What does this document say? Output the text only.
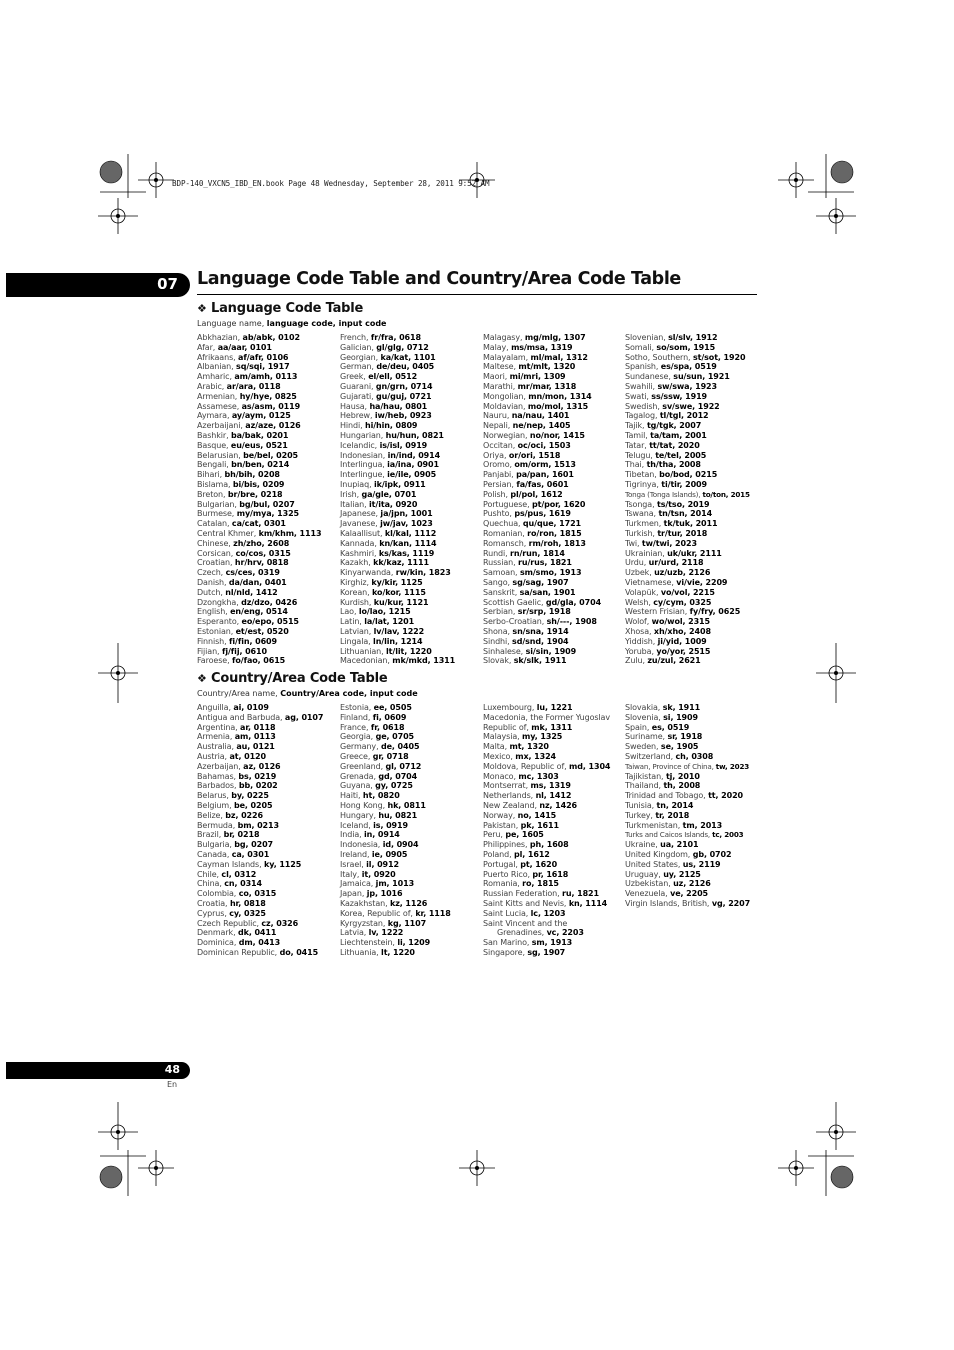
BDP-140_VXCN5_IBD_EN.book Page 48 Wednesday, September 28, 2011 9:52 AM
07 Language Code Table and Country/Area Code Table
❖ Language Code Table
Language name, language code, input code
Abkhazian, ab/abk, 0102
Afar, aa/aar, 0101
Afrikaans, af/afr, 0106
Albanian, sq/sqi, 1917
Amharic, am/amh, 0113
Arabic, ar/ara, 0118
Armenian, hy/hye, 0825
Assamese, as/asm, 0119
Aymara, ay/aym, 0125
Azerbaijani, az/aze, 0126
Bashkir, ba/bak, 0201
Basque, eu/eus, 0521
Belarusian, be/bel, 0205
Bengali, bn/ben, 0214
Bihari, bh/bih, 0208
Bislama, bi/bis, 0209
Breton, br/bre, 0218
Bulgarian, bg/bul, 0207
Burmese, my/mya, 1325
Catalan, ca/cat, 0301
Central Khmer, km/khm, 1113
Chinese, zh/zho, 2608
Corsican, co/cos, 0315
Croatian, hr/hrv, 0818
Czech, cs/ces, 0319
Danish, da/dan, 0401
Dutch, nl/nld, 1412
Dzongkha, dz/dzo, 0426
English, en/eng, 0514
Esperanto, eo/epo, 0515
Estonian, et/est, 0520
Finnish, fi/fin, 0609
Fijian, fj/fij, 0610
Faroese, fo/fao, 0615
French, fr/fra, 0618
Galician, gl/glg, 0712
Georgian, ka/kat, 1101
German, de/deu, 0405
Greek, el/ell, 0512
Guarani, gn/grn, 0714
Gujarati, gu/guj, 0721
Hausa, ha/hau, 0801
Hebrew, iw/heb, 0923
Hindi, hi/hin, 0809
Hungarian, hu/hun, 0821
Icelandic, is/isl, 0919
Indonesian, in/ind, 0914
Interlingua, ia/ina, 0901
Interlingue, ie/ile, 0905
Inupiaq, ik/ipk, 0911
Irish, ga/gle, 0701
Italian, it/ita, 0920
Japanese, ja/jpn, 1001
Javanese, jw/jav, 1023
Kalaallisut, kl/kal, 1112
Kannada, kn/kan, 1114
Kashmiri, ks/kas, 1119
Kazakh, kk/kaz, 1111
Kinyarwanda, rw/kin, 1823
Kirghiz, ky/kir, 1125
Korean, ko/kor, 1115
Kurdish, ku/kur, 1121
Lao, lo/lao, 1215
Latin, la/lat, 1201
Latvian, lv/lav, 1222
Lingala, ln/lin, 1214
Lithuanian, lt/lit, 1220
Macedonian, mk/mkd, 1311
Malagasy, mg/mlg, 1307
Malay, ms/msa, 1319
Malayalam, ml/mal, 1312
Maltese, mt/mlt, 1320
Maori, mi/mri, 1309
Marathi, mr/mar, 1318
Mongolian, mn/mon, 1314
Moldavian, mo/mol, 1315
Nauru, na/nau, 1401
Nepali, ne/nep, 1405
Norwegian, no/nor, 1415
Occitan, oc/oci, 1503
Oriya, or/ori, 1518
Oromo, om/orm, 1513
Panjabi, pa/pan, 1601
Persian, fa/fas, 0601
Polish, pl/pol, 1612
Portuguese, pt/por, 1620
Pushto, ps/pus, 1619
Quechua, qu/que, 1721
Romanian, ro/ron, 1815
Romansch, rm/roh, 1813
Rundi, rn/run, 1814
Russian, ru/rus, 1821
Samoan, sm/smo, 1913
Sango, sg/sag, 1907
Sanskrit, sa/san, 1901
Scottish Gaelic, gd/gla, 0704
Serbian, sr/srp, 1918
Serbo-Croatian, sh/---, 1908
Shona, sn/sna, 1914
Sindhi, sd/snd, 1904
Sinhalese, si/sin, 1909
Slovak, sk/slk, 1911
Slovenian, sl/slv, 1912
Somali, so/som, 1915
Sotho, Southern, st/sot, 1920
Spanish, es/spa, 0519
Sundanese, su/sun, 1921
Swahili, sw/swa, 1923
Swati, ss/ssw, 1919
Swedish, sv/swe, 1922
Tagalog, tl/tgl, 2012
Tajik, tg/tgk, 2007
Tamil, ta/tam, 2001
Tatar, tt/tat, 2020
Telugu, te/tel, 2005
Thai, th/tha, 2008
Tibetan, bo/bod, 0215
Tigrinya, ti/tir, 2009
Tonga (Tonga Islands), to/ton, 2015
Tsonga, ts/tso, 2019
Tswana, tn/tsn, 2014
Turkmen, tk/tuk, 2011
Turkish, tr/tur, 2018
Twi, tw/twi, 2023
Ukrainian, uk/ukr, 2111
Urdu, ur/urd, 2118
Uzbek, uz/uzb, 2126
Vietnamese, vi/vie, 2209
Volapük, vo/vol, 2215
Welsh, cy/cym, 0325
Western Frisian, fy/fry, 0625
Wolof, wo/wol, 2315
Xhosa, xh/xho, 2408
Yiddish, ji/yid, 1009
Yoruba, yo/yor, 2515
Zulu, zu/zul, 2621
❖ Country/Area Code Table
Country/Area name, Country/Area code, input code
Anguilla, ai, 0109
Antigua and Barbuda, ag, 0107
Argentina, ar, 0118
Armenia, am, 0113
Australia, au, 0121
Austria, at, 0120
Azerbaijan, az, 0126
Bahamas, bs, 0219
Barbados, bb, 0202
Belarus, by, 0225
Belgium, be, 0205
Belize, bz, 0226
Bermuda, bm, 0213
Brazil, br, 0218
Bulgaria, bg, 0207
Canada, ca, 0301
Cayman Islands, ky, 1125
Chile, cl, 0312
China, cn, 0314
Colombia, co, 0315
Croatia, hr, 0818
Cyprus, cy, 0325
Czech Republic, cz, 0326
Denmark, dk, 0411
Dominica, dm, 0413
Dominican Republic, do, 0415
Estonia, ee, 0505
Finland, fi, 0609
France, fr, 0618
Georgia, ge, 0705
Germany, de, 0405
Greece, gr, 0718
Greenland, gl, 0712
Grenada, gd, 0704
Guyana, gy, 0725
Haiti, ht, 0820
Hong Kong, hk, 0811
Hungary, hu, 0821
Iceland, is, 0919
India, in, 0914
Indonesia, id, 0904
Ireland, ie, 0905
Israel, il, 0912
Italy, it, 0920
Jamaica, jm, 1013
Japan, jp, 1016
Kazakhstan, kz, 1126
Korea, Republic of, kr, 1118
Kyrgyzstan, kg, 1107
Latvia, lv, 1222
Liechtenstein, li, 1209
Lithuania, lt, 1220
Luxembourg, lu, 1221
Macedonia, the Former Yugoslav
Republic of, mk, 1311
Malaysia, my, 1325
Malta, mt, 1320
Mexico, mx, 1324
Moldova, Republic of, md, 1304
Monaco, mc, 1303
Montserrat, ms, 1319
Netherlands, nl, 1412
New Zealand, nz, 1426
Norway, no, 1415
Pakistan, pk, 1611
Peru, pe, 1605
Philippines, ph, 1608
Poland, pl, 1612
Portugal, pt, 1620
Puerto Rico, pr, 1618
Romania, ro, 1815
Russian Federation, ru, 1821
Saint Kitts and Nevis, kn, 1114
Saint Lucia, lc, 1203
Saint Vincent and the
Grenadines, vc, 2203
San Marino, sm, 1913
Singapore, sg, 1907
Slovakia, sk, 1911
Slovenia, si, 1909
Spain, es, 0519
Suriname, sr, 1918
Sweden, se, 1905
Switzerland, ch, 0308
Taiwan, Province of China, tw, 2023
Tajikistan, tj, 2010
Thailand, th, 2008
Trinidad and Tobago, tt, 2020
Tunisia, tn, 2014
Turkey, tr, 2018
Turkmenistan, tm, 2013
Turks and Caicos Islands, tc, 2003
Ukraine, ua, 2101
United Kingdom, gb, 0702
United States, us, 2119
Uruguay, uy, 2125
Uzbekistan, uz, 2126
Venezuela, ve, 2205
Virgin Islands, British, vg, 2207
48
En
